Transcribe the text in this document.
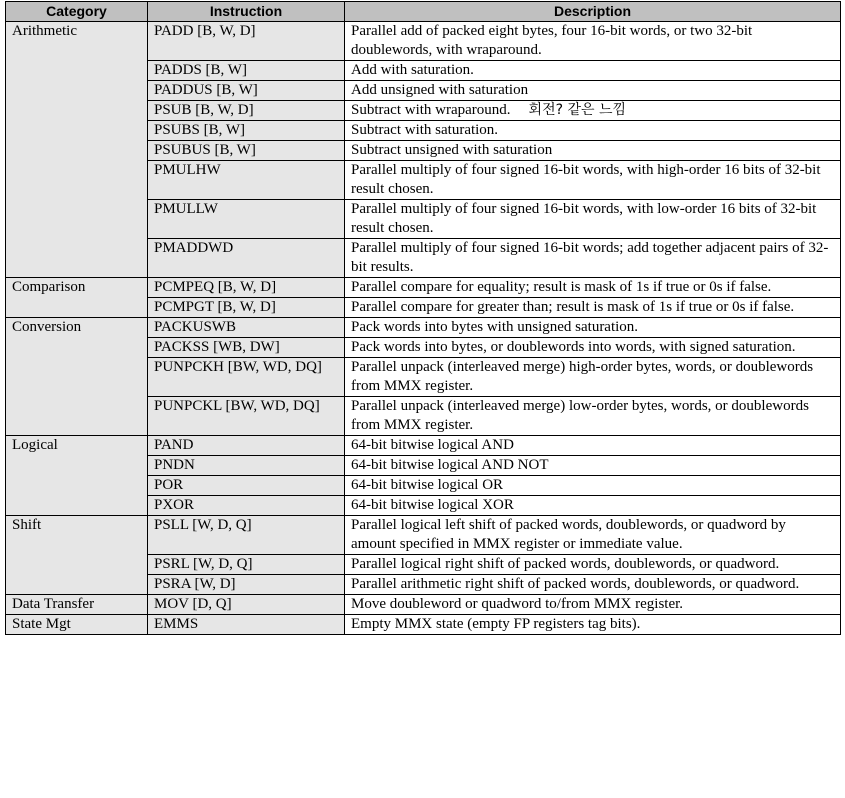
Category	Instruction	Description
Arithmetic	PADD [B, W, D]	Parallel add of packed eight bytes, four 16-bit words, or two 32-bit doublewords, with wraparound.
	PADDS [B, W]	Add with saturation.
	PADDUS [B, W]	Add unsigned with saturation
	PSUB [B, W, D]	Subtract with wraparound. 회전? 같은 느낌
	PSUBS [B, W]	Subtract with saturation.
	PSUBUS [B, W]	Subtract unsigned with saturation
	PMULHW	Parallel multiply of four signed 16-bit words, with high-order 16 bits of 32-bit result chosen.
	PMULLW	Parallel multiply of four signed 16-bit words, with low-order 16 bits of 32-bit result chosen.
	PMADDWD	Parallel multiply of four signed 16-bit words; add together adjacent pairs of 32-bit results.
Comparison	PCMPEQ [B, W, D]	Parallel compare for equality; result is mask of 1s if true or 0s if false.
	PCMPGT [B, W, D]	Parallel compare for greater than; result is mask of 1s if true or 0s if false.
Conversion	PACKUSWB	Pack words into bytes with unsigned saturation.
	PACKSS [WB, DW]	Pack words into bytes, or doublewords into words, with signed saturation.
	PUNPCKH [BW, WD, DQ]	Parallel unpack (interleaved merge) high-order bytes, words, or doublewords from MMX register.
	PUNPCKL [BW, WD, DQ]	Parallel unpack (interleaved merge) low-order bytes, words, or doublewords from MMX register.
Logical	PAND	64-bit bitwise logical AND
	PNDN	64-bit bitwise logical AND NOT
	POR	64-bit bitwise logical OR
	PXOR	64-bit bitwise logical XOR
Shift	PSLL [W, D, Q]	Parallel logical left shift of packed words, doublewords, or quadword by amount specified in MMX register or immediate value.
	PSRL [W, D, Q]	Parallel logical right shift of packed words, doublewords, or quadword.
	PSRA [W, D]	Parallel arithmetic right shift of packed words, doublewords, or quadword.
Data Transfer	MOV [D, Q]	Move doubleword or quadword to/from MMX register.
State Mgt	EMMS	Empty MMX state (empty FP registers tag bits).
